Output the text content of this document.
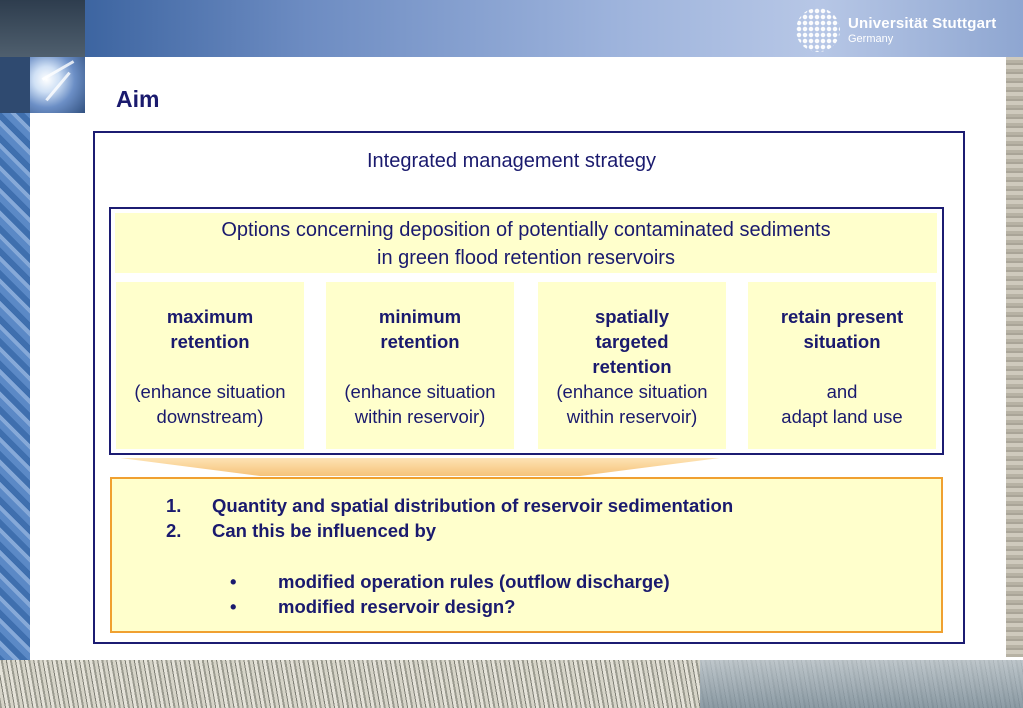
Universität Stuttgart
Germany
Aim
Integrated management strategy
Options concerning deposition of potentially contaminated sediments
in green flood retention reservoirs
maximum
retention
(enhance situation
downstream)
minimum
retention
(enhance situation
within reservoir)
spatially
targeted
retention
(enhance situation
within reservoir)
retain present
situation
and
adapt land use
1. Quantity and spatial distribution of reservoir sedimentation
2. Can this be influenced by
• modified operation rules (outflow discharge)
• modified reservoir design?
